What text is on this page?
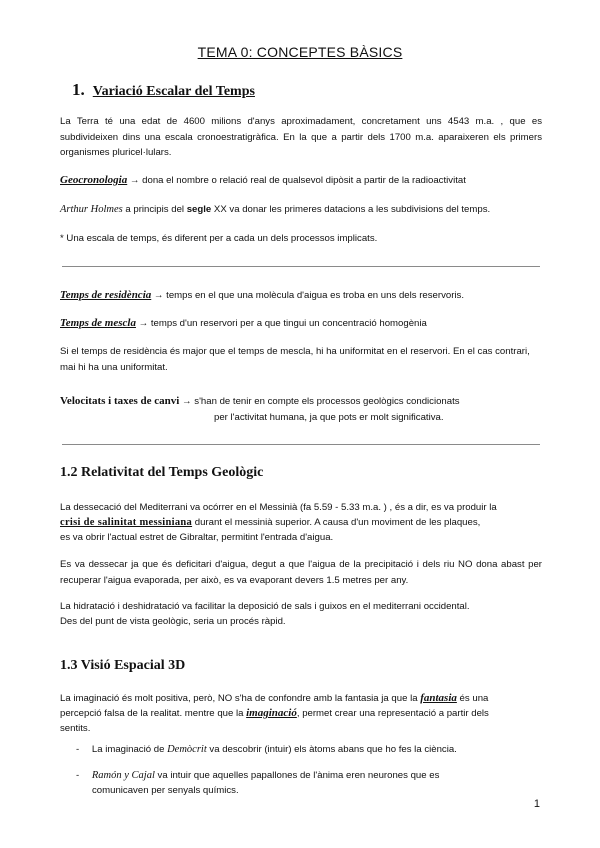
TEMA 0: CONCEPTES BÀSICS
1. Variació Escalar del Temps
La Terra té una edat de 4600 milions d'anys aproximadament, concretament uns 4543 m.a. , que es subdivideixen dins una escala cronoestratigràfica. En la que a partir dels 1700 m.a. aparaixeren els primers organismes pluricel·lulars.
Geocronologia → dona el nombre o relació real de qualsevol dipòsit a partir de la radioactivitat
Arthur Holmes a principis del segle XX va donar les primeres datacions a les subdivisions del temps.
* Una escala de temps, és diferent per a cada un dels processos implicats.
Temps de residència → temps en el que una molècula d'aigua es troba en uns dels reservoris.
Temps de mescla → temps d'un reservori per a que tingui un concentració homogènia
Si el temps de residència és major que el temps de mescla, hi ha uniformitat en el reservori. En el cas contrari, mai hi ha una uniformitat.
Velocitats i taxes de canvi → s'han de tenir en compte els processos geològics condicionats
per l'activitat humana, ja que pots er molt significativa.
1.2 Relativitat del Temps Geològic
La dessecació del Mediterrani va ocórrer en el Messinià (fa 5.59 - 5.33 m.a. ) , és a dir, es va produir la
crisi de salinitat messiniana durant el messinià superior. A causa d'un moviment de les plaques,
es va obrir l'actual estret de Gibraltar, permitint l'entrada d'aigua.
Es va dessecar ja que és deficitari d'aigua, degut a que l'aigua de la precipitació i dels riu NO dona abast per recuperar l'aigua evaporada, per això, es va evaporant devers 1.5 metres per any.
La hidratació i deshidratació va facilitar la deposició de sals i guixos en el mediterrani occidental.
Des del punt de vista geològic, seria un procés ràpid.
1.3 Visió Espacial 3D
La imaginació és molt positiva, però, NO s'ha de confondre amb la fantasia ja que la fantasia és una
percepció falsa de la realitat. mentre que la imaginació, permet crear una representació a partir dels
sentits.
- La imaginació de Demòcrit va descobrir (intuir) els àtoms abans que ho fes la ciència.
- Ramón y Cajal va intuir que aquelles papallones de l'ànima eren neurones que es
comunicaven per senyals químics.
1
